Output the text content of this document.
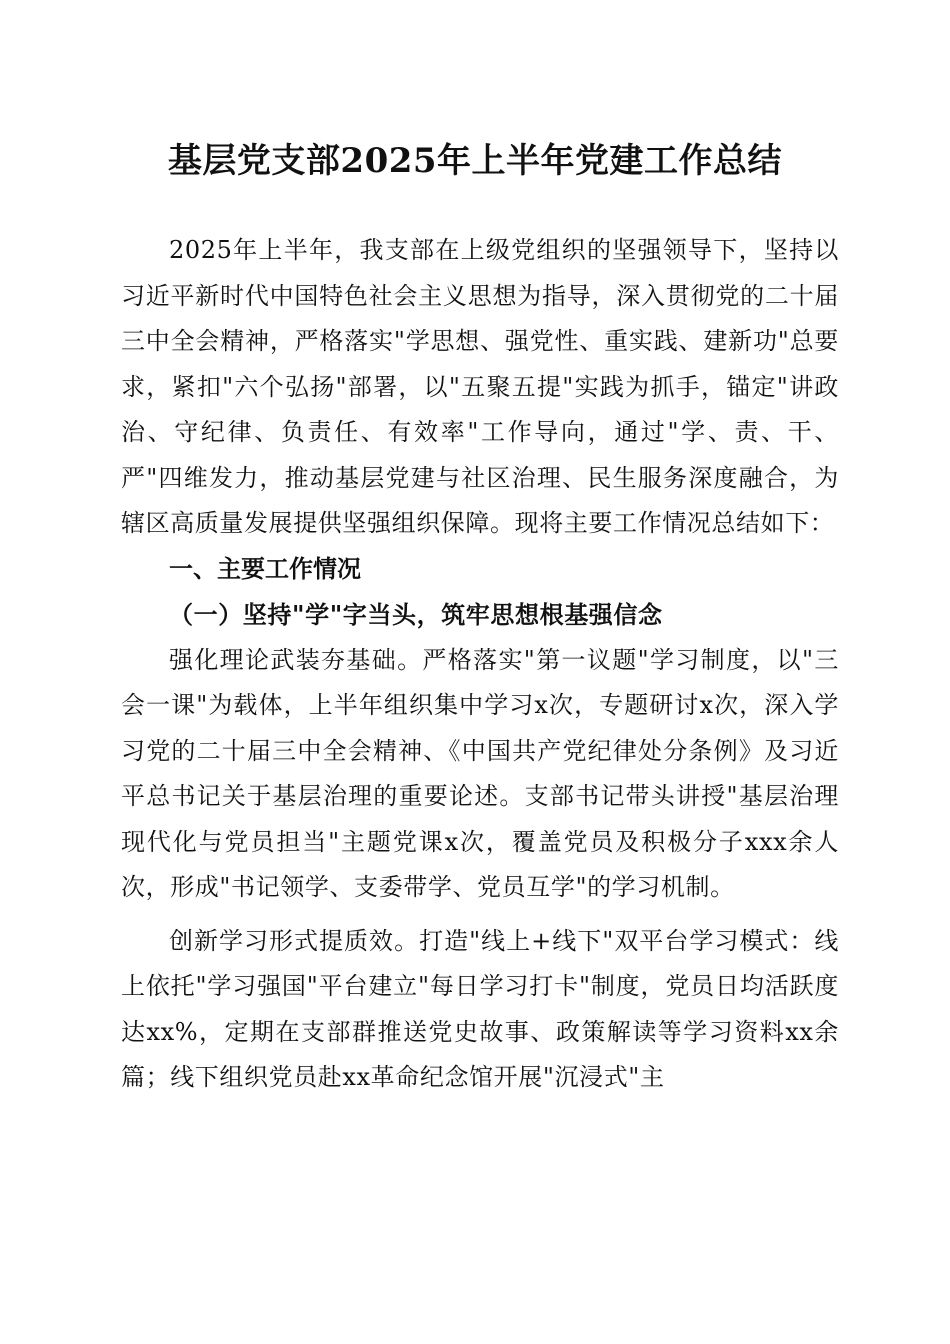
基层党支部2025年上半年党建工作总结

2025年上半年，我支部在上级党组织的坚强领导下，坚持以习近平新时代中国特色社会主义思想为指导，深入贯彻党的二十届三中全会精神，严格落实"学思想、强党性、重实践、建新功"总要求，紧扣"六个弘扬"部署，以"五聚五提"实践为抓手，锚定"讲政治、守纪律、负责任、有效率"工作导向，通过"学、责、干、严"四维发力，推动基层党建与社区治理、民生服务深度融合，为辖区高质量发展提供坚强组织保障。现将主要工作情况总结如下：

一、主要工作情况

（一）坚持"学"字当头，筑牢思想根基强信念

强化理论武装夯基础。严格落实"第一议题"学习制度，以"三会一课"为载体，上半年组织集中学习x次，专题研讨x次，深入学习党的二十届三中全会精神、《中国共产党纪律处分条例》及习近平总书记关于基层治理的重要论述。支部书记带头讲授"基层治理现代化与党员担当"主题党课x次，覆盖党员及积极分子xxx余人次，形成"书记领学、支委带学、党员互学"的学习机制。

创新学习形式提质效。打造"线上+线下"双平台学习模式：线上依托"学习强国"平台建立"每日学习打卡"制度，党员日均活跃度达xx%，定期在支部群推送党史故事、政策解读等学习资料xx余篇；线下组织党员赴xx革命纪念馆开展"沉浸式"主
